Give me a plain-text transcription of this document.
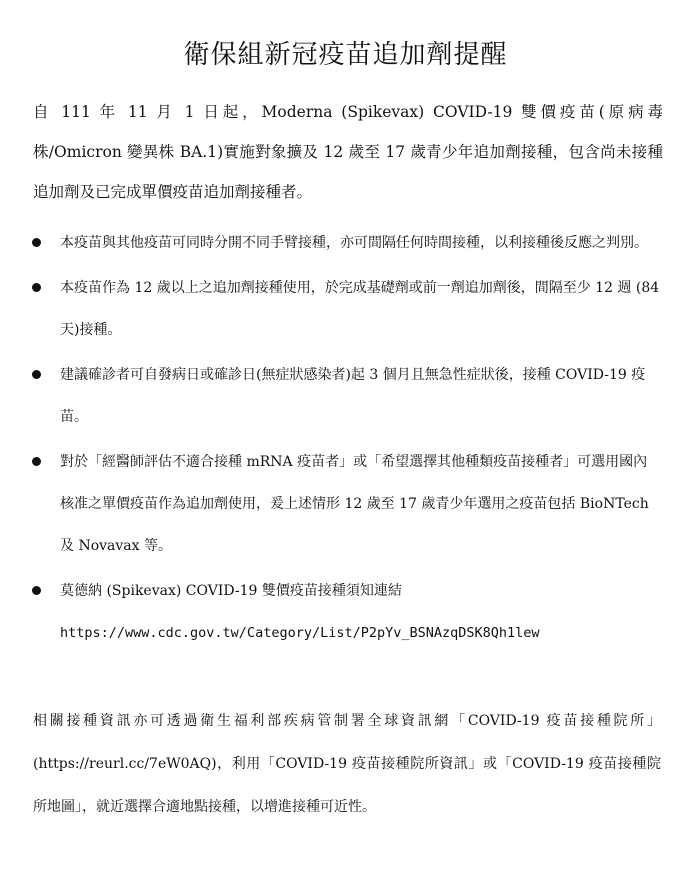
衛保組新冠疫苗追加劑提醒

自 111 年 11 月 1 日起，Moderna (Spikevax) COVID-19 雙價疫苗(原病毒株/Omicron 變異株 BA.1)實施對象擴及 12 歲至 17 歲青少年追加劑接種，包含尚未接種追加劑及已完成單價疫苗追加劑接種者。

本疫苗與其他疫苗可同時分開不同手臂接種，亦可間隔任何時間接種，以利接種後反應之判別。
本疫苗作為 12 歲以上之追加劑接種使用，於完成基礎劑或前一劑追加劑後，間隔至少 12 週 (84 天)接種。
建議確診者可自發病日或確診日(無症狀感染者)起 3 個月且無急性症狀後，接種 COVID-19 疫苗。
對於「經醫師評估不適合接種 mRNA 疫苗者」或「希望選擇其他種類疫苗接種者」可選用國內核准之單價疫苗作為追加劑使用，爰上述情形 12 歲至 17 歲青少年選用之疫苗包括 BioNTech 及 Novavax 等。
莫德納 (Spikevax) COVID-19 雙價疫苗接種須知連結
https://www.cdc.gov.tw/Category/List/P2pYv_BSNAzqDSK8Qh1lew

相關接種資訊亦可透過衛生福利部疾病管制署全球資訊網「COVID-19 疫苗接種院所」(https://reurl.cc/7eW0AQ)，利用「COVID-19 疫苗接種院所資訊」或「COVID-19 疫苗接種院所地圖」，就近選擇合適地點接種，以增進接種可近性。
